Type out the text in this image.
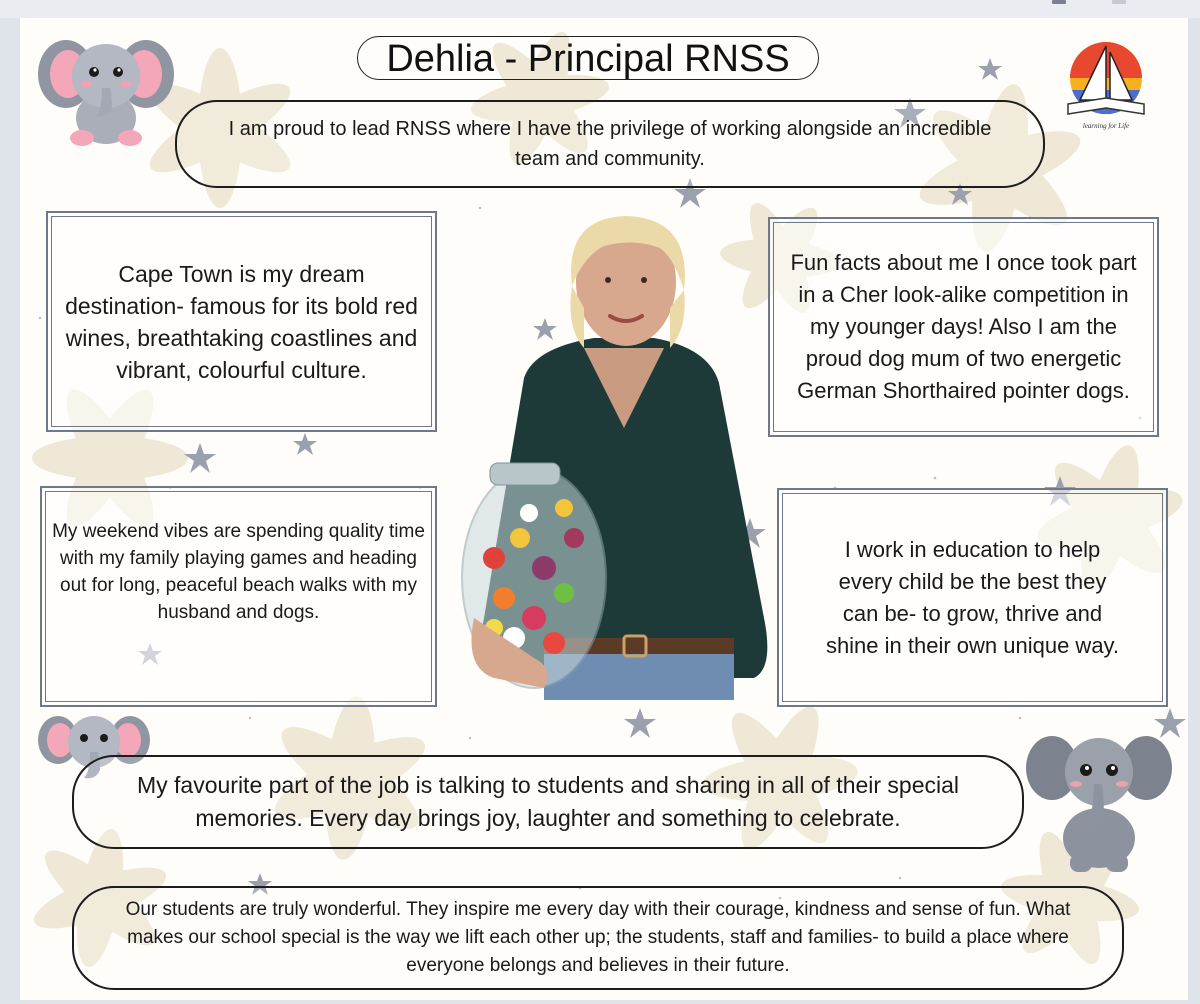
learning for Life
Dehlia - Principal RNSS
I am proud to lead RNSS where I have the privilege of working alongside an incredible team and community.
Cape Town is my dream destination- famous for its bold red wines, breathtaking coastlines and vibrant, colourful culture.
Fun facts about me I once took part in a Cher look-alike competition in my younger days! Also I am the proud dog mum of two energetic German Shorthaired pointer dogs.
My weekend vibes are spending quality time with my family playing games and heading out for long, peaceful beach walks with my husband and dogs.
I work in education to help every child be the best they can be- to grow, thrive and shine in their own unique way.
My favourite part of the job is talking to students and sharing in all of their special memories. Every day brings joy, laughter and something to celebrate.
Our students are truly wonderful. They inspire me every day with their courage, kindness and sense of fun. What makes our school special is the way we lift each other up; the students, staff and families- to build a place where everyone belongs and believes in their future.
